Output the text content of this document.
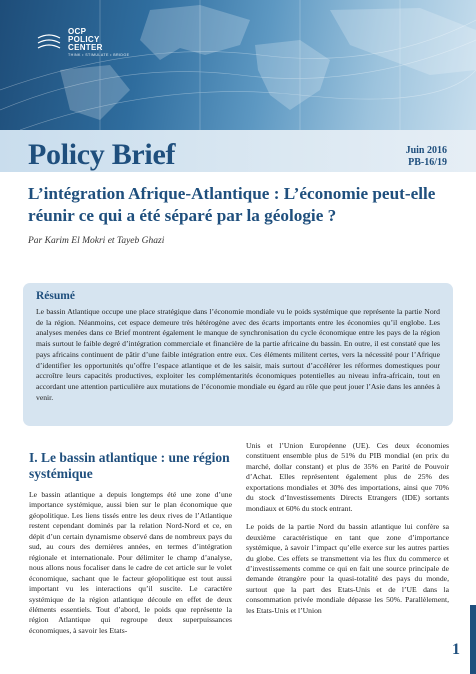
OCP
POLICY
CENTER
THINK • STIMULATE • BRIDGE
Policy Brief	Juin 2016
PB-16/19
L’intégration Afrique-Atlantique : L’économie peut-elle réunir ce qui a été séparé par la géologie ?
Par Karim El Mokri et Tayeb Ghazi
Résumé
Le bassin Atlantique occupe une place stratégique dans l’économie mondiale vu le poids systémique que représente la partie Nord de la région. Néanmoins, cet espace demeure très hétérogène avec des écarts importants entre les économies qu’il englobe. Les analyses menées dans ce Brief montrent également le manque de synchronisation du cycle économique entre les pays de la région mais surtout le faible degré d’intégration commerciale et financière de la partie africaine du bassin. En outre, il est constaté que les pays africains continuent de pâtir d’une faible intégration entre eux. Ces éléments militent certes, vers la nécessité pour l’Afrique d’identifier les opportunités qu’offre l’espace atlantique et de les saisir, mais surtout d’accélérer les réformes domestiques pour accroître leurs capacités productives, exploiter les complémentarités économiques potentielles au niveau infra-africain, tout en accordant une attention particulière aux mutations de l’économie mondiale eu égard au rôle que peut jouer l’Asie dans les années à venir.
I. Le bassin atlantique : une région systémique

Le bassin atlantique a depuis longtemps été une zone d’une importance systémique, aussi bien sur le plan économique que géopolitique. Les liens tissés entre les deux rives de l’Atlantique restent cependant dominés par la relation Nord-Nord et ce, en dépit d’un certain dynamisme observé dans de nombreux pays du sud, au cours des dernières années, en termes d’intégration régionale et internationale. Pour délimiter le champ d’analyse, nous allons nous focaliser dans le cadre de cet article sur le volet économique, sachant que le facteur géopolitique est tout aussi important vu les interactions qu’il suscite. Le caractère systémique de la région atlantique découle en effet de deux éléments essentiels. Tout d’abord, le poids que représente la région Atlantique qui regroupe deux superpuissances économiques, à savoir les Etats-

Unis et l’Union Européenne (UE). Ces deux économies constituent ensemble plus de 51% du PIB mondial (en prix du marché, dollar constant) et plus de 35% en Parité de Pouvoir d’Achat. Elles représentent également plus de 25% des exportations mondiales et 30% des importations, ainsi que 70% du stock d’Investissements Directs Etrangers (IDE) sortants mondiaux et 60% du stock entrant.

Le poids de la partie Nord du bassin atlantique lui confère sa deuxième caractéristique en tant que zone d’importance systémique, à savoir l’impact qu’elle exerce sur les autres parties du globe. Ces effets se transmettent via les flux du commerce et d’investissements comme ce qui en fait une source principale de demande étrangère pour la quasi-totalité des pays du monde, surtout que la part des Etats-Unis et de l’UE dans la consommation privée mondiale dépasse les 50%. Parallèlement, les Etats-Unis et l’Union

1
